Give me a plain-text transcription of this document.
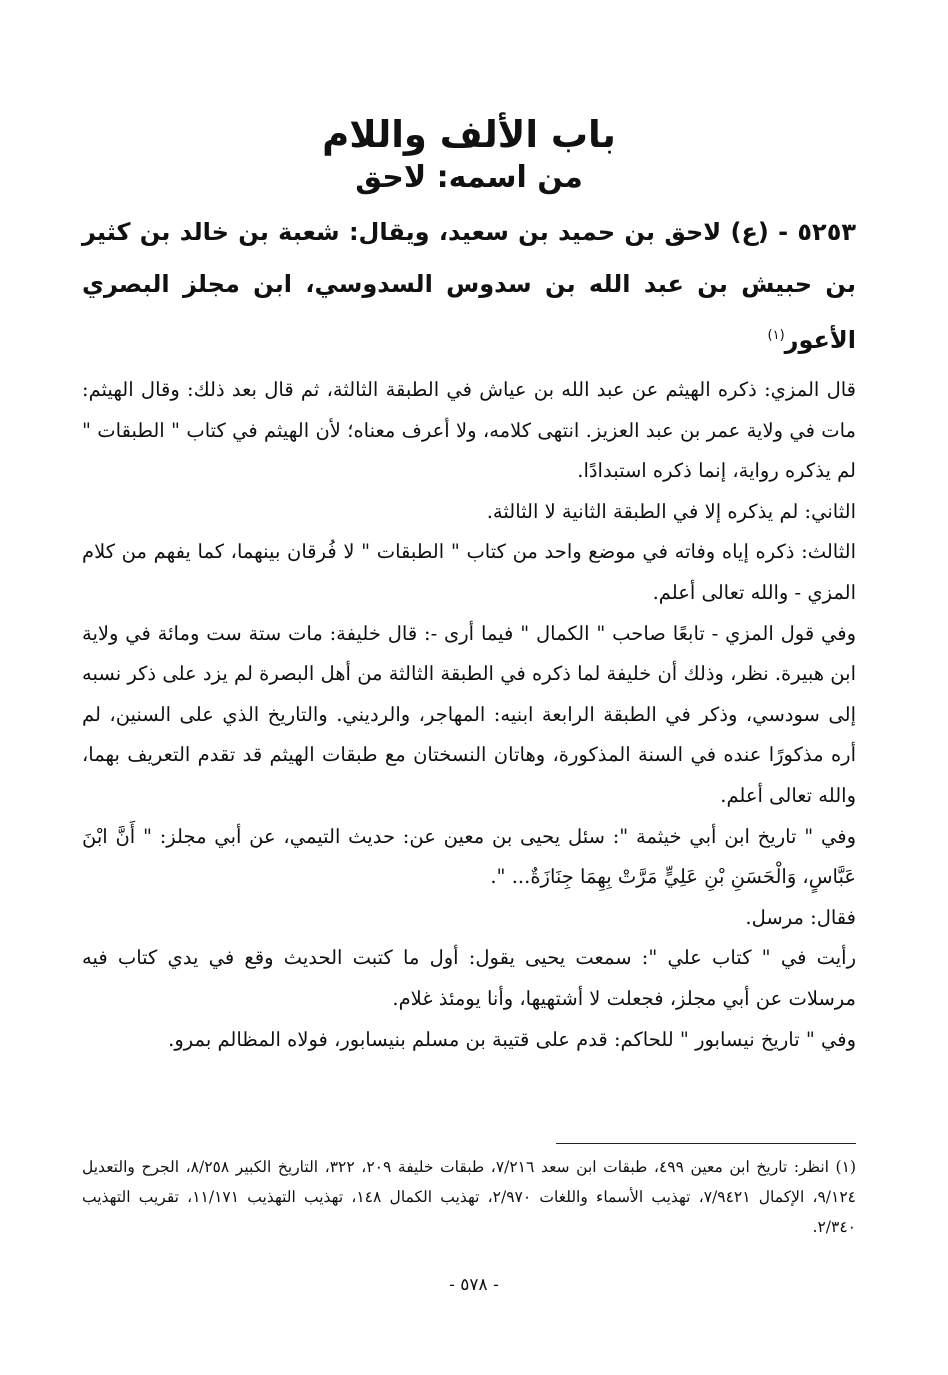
باب الألف واللام
من اسمه: لاحق

٥٢٥٣ - (ع) لاحق بن حميد بن سعيد، ويقال: شعبة بن خالد بن كثير بن حبيش بن عبد الله بن سدوس السدوسي، ابن مجلز البصري الأعور$^{(١)}$

قال المزي: ذكره الهيثم عن عبد الله بن عياش في الطبقة الثالثة، ثم قال بعد ذلك: وقال الهيثم: مات في ولاية عمر بن عبد العزيز. انتهى كلامه، ولا أعرف معناه؛ لأن الهيثم في كتاب " الطبقات " لم يذكره رواية، إنما ذكره استبدادًا.

الثاني: لم يذكره إلا في الطبقة الثانية لا الثالثة.

الثالث: ذكره إياه وفاته في موضع واحد من كتاب " الطبقات " لا فُرقان بينهما، كما يفهم من كلام المزي - والله تعالى أعلم.

وفي قول المزي - تابعًا صاحب " الكمال " فيما أرى -: قال خليفة: مات ستة ست ومائة في ولاية ابن هبيرة. نظر، وذلك أن خليفة لما ذكره في الطبقة الثالثة من أهل البصرة لم يزد على ذكر نسبه إلى سودسي، وذكر في الطبقة الرابعة ابنيه: المهاجر، والرديني. والتاريخ الذي على السنين، لم أره مذكورًا عنده في السنة المذكورة، وهاتان النسختان مع طبقات الهيثم قد تقدم التعريف بهما، والله تعالى أعلم.

وفي " تاريخ ابن أبي خيثمة ": سئل يحيى بن معين عن: حديث التيمي، عن أبي مجلز: " أَنَّ ابْنَ عَبَّاسٍ، وَالْحَسَنِ بْنِ عَلِيٍّ مَرَّتْ بِهِمَا جِنَازَةٌ... ".

فقال: مرسل.

رأيت في " كتاب علي ": سمعت يحيى يقول: أول ما كتبت الحديث وقع في يدي كتاب فيه مرسلات عن أبي مجلز، فجعلت لا أشتهيها، وأنا يومئذ غلام.

وفي " تاريخ نيسابور " للحاكم: قدم على قتيبة بن مسلم بنيسابور، فولاه المظالم بمرو.

(١) انظر: تاريخ ابن معين ٤٩٩، طبقات ابن سعد ٧/٢١٦، طبقات خليفة ٢٠٩، ٣٢٢، التاريخ الكبير ٨/٢٥٨، الجرح والتعديل ٩/١٢٤، الإكمال ٧/٩٤٢١، تهذيب الأسماء واللغات ٢/٩٧٠، تهذيب الكمال ١٤٨، تهذيب التهذيب ١١/١٧١، تقريب التهذيب ٢/٣٤٠.

- ٥٧٨ -
